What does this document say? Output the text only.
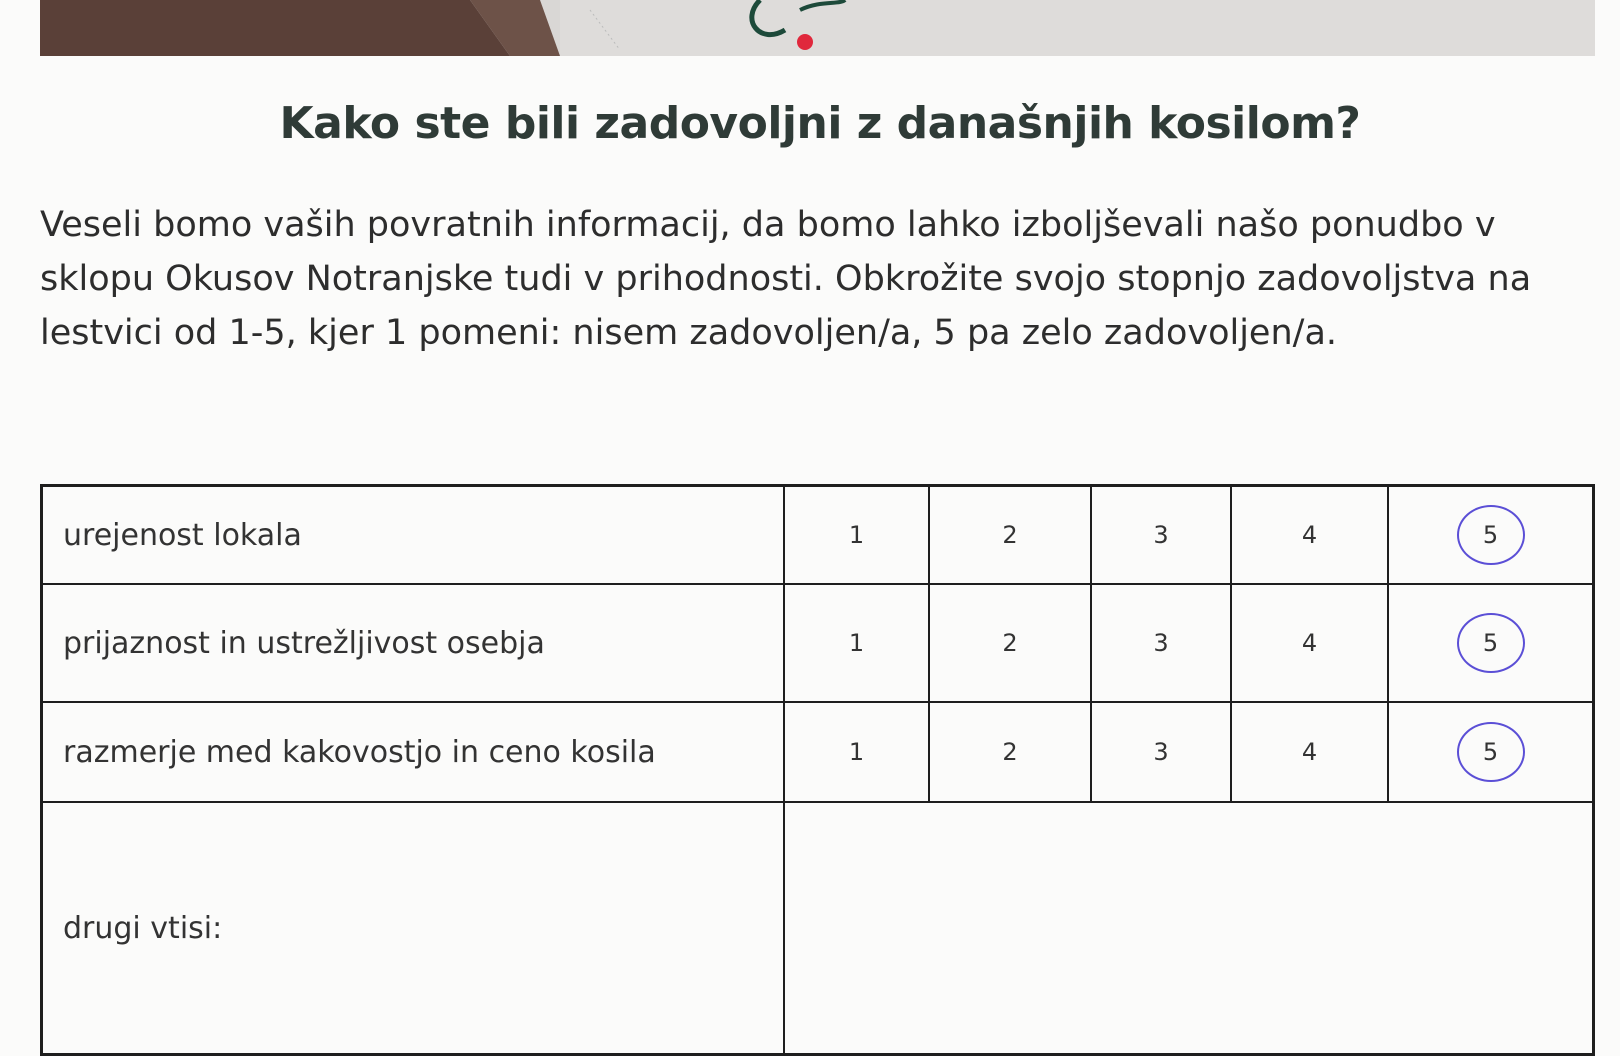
Kako ste bili zadovoljni z današnjih kosilom?
Veseli bomo vaših povratnih informacij, da bomo lahko izboljševali našo ponudbo v sklopu Okusov Notranjske tudi v prihodnosti. Obkrožite svojo stopnjo zadovoljstva na lestvici od 1-5, kjer 1 pomeni: nisem zadovoljen/a, 5 pa zelo zadovoljen/a.
urejenost lokala	1	2	3	4	5
prijaznost in ustrežljivost osebja	1	2	3	4	5
razmerje med kakovostjo in ceno kosila	1	2	3	4	5
drugi vtisi:					
